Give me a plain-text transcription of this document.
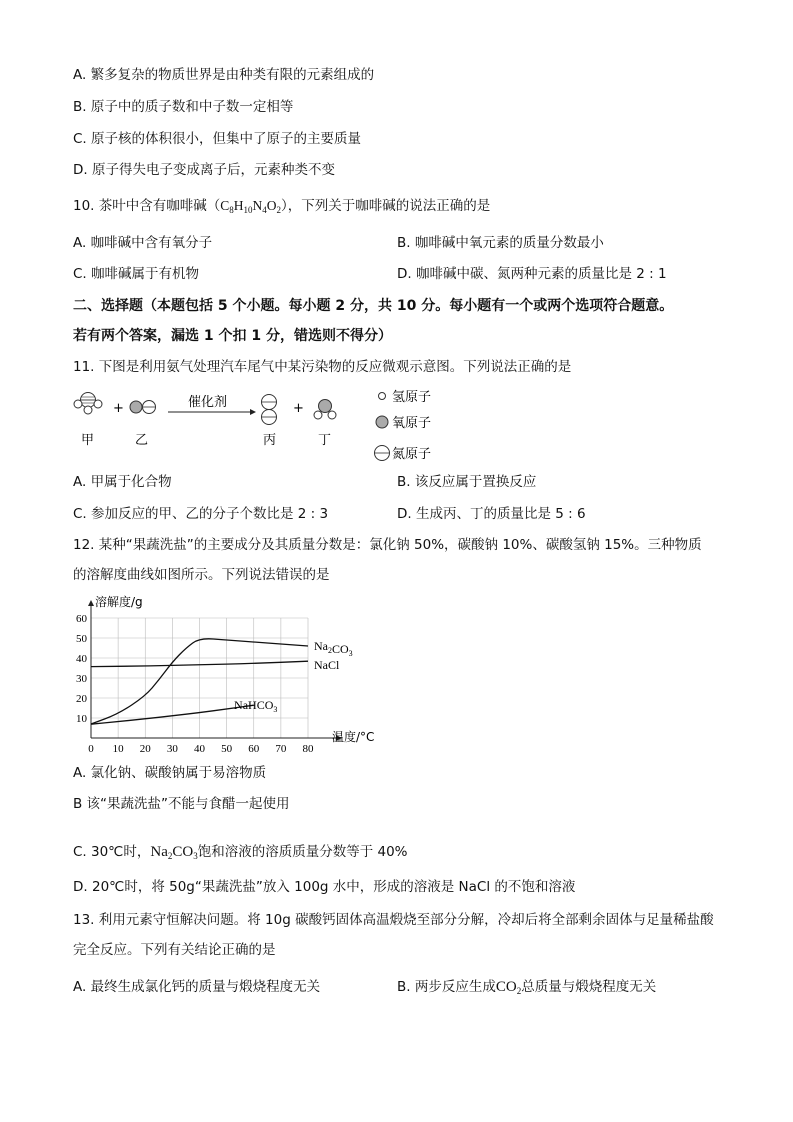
A. 繁多复杂的物质世界是由种类有限的元素组成的
B. 原子中的质子数和中子数一定相等
C. 原子核的体积很小，但集中了原子的主要质量
D. 原子得失电子变成离子后，元素种类不变
10. 茶叶中含有咖啡碱$(C_8H_{10}N_4O_2)$，下列关于咖啡碱的说法正确的是
A. 咖啡碱中含有氧分子	B. 咖啡碱中氧元素的质量分数最小
C. 咖啡碱属于有机物	D. 咖啡碱中碳、氮两种元素的质量比是 2 : 1
二、选择题（本题包括 5 个小题。每小题 2 分，共 10 分。每小题有一个或两个选项符合题意。
若有两个答案，漏选 1 个扣 1 分，错选则不得分）
11. 下图是利用氨气处理汽车尾气中某污染物的反应微观示意图。下列说法正确的是
+	催化剂	+
甲	乙	丙	丁
氢原子
氧原子
氮原子
A. 甲属于化合物	B. 该反应属于置换反应
C. 参加反应的甲、乙的分子个数比是 2 : 3	D. 生成丙、丁的质量比是 5 : 6
12. 某种“果蔬洗盐”的主要成分及其质量分数是：氯化钠 50%，碳酸钠 10%、碳酸氢钠 15%。三种物质
的溶解度曲线如图所示。下列说法错误的是
0 10 20 30 40 50 60 70 80
10
20
30
40
50
60
溶解度/g
温度/°C
$Na_2CO_3$
NaCl
NaHCO$_3$
A. 氯化钠、碳酸钠属于易溶物质
B 该“果蔬洗盐”不能与食醋一起使用
C. 30℃时，$Na_2CO_3$饱和溶液的溶质质量分数等于 40%
D. 20℃时，将 50g“果蔬洗盐”放入 100g 水中，形成的溶液是 NaCl 的不饱和溶液
13. 利用元素守恒解决问题。将 10g 碳酸钙固体高温煅烧至部分分解，冷却后将全部剩余固体与足量稀盐酸
完全反应。下列有关结论正确的是
A. 最终生成氯化钙的质量与煅烧程度无关	B. 两步反应生成$CO_2$总质量与煅烧程度无关
